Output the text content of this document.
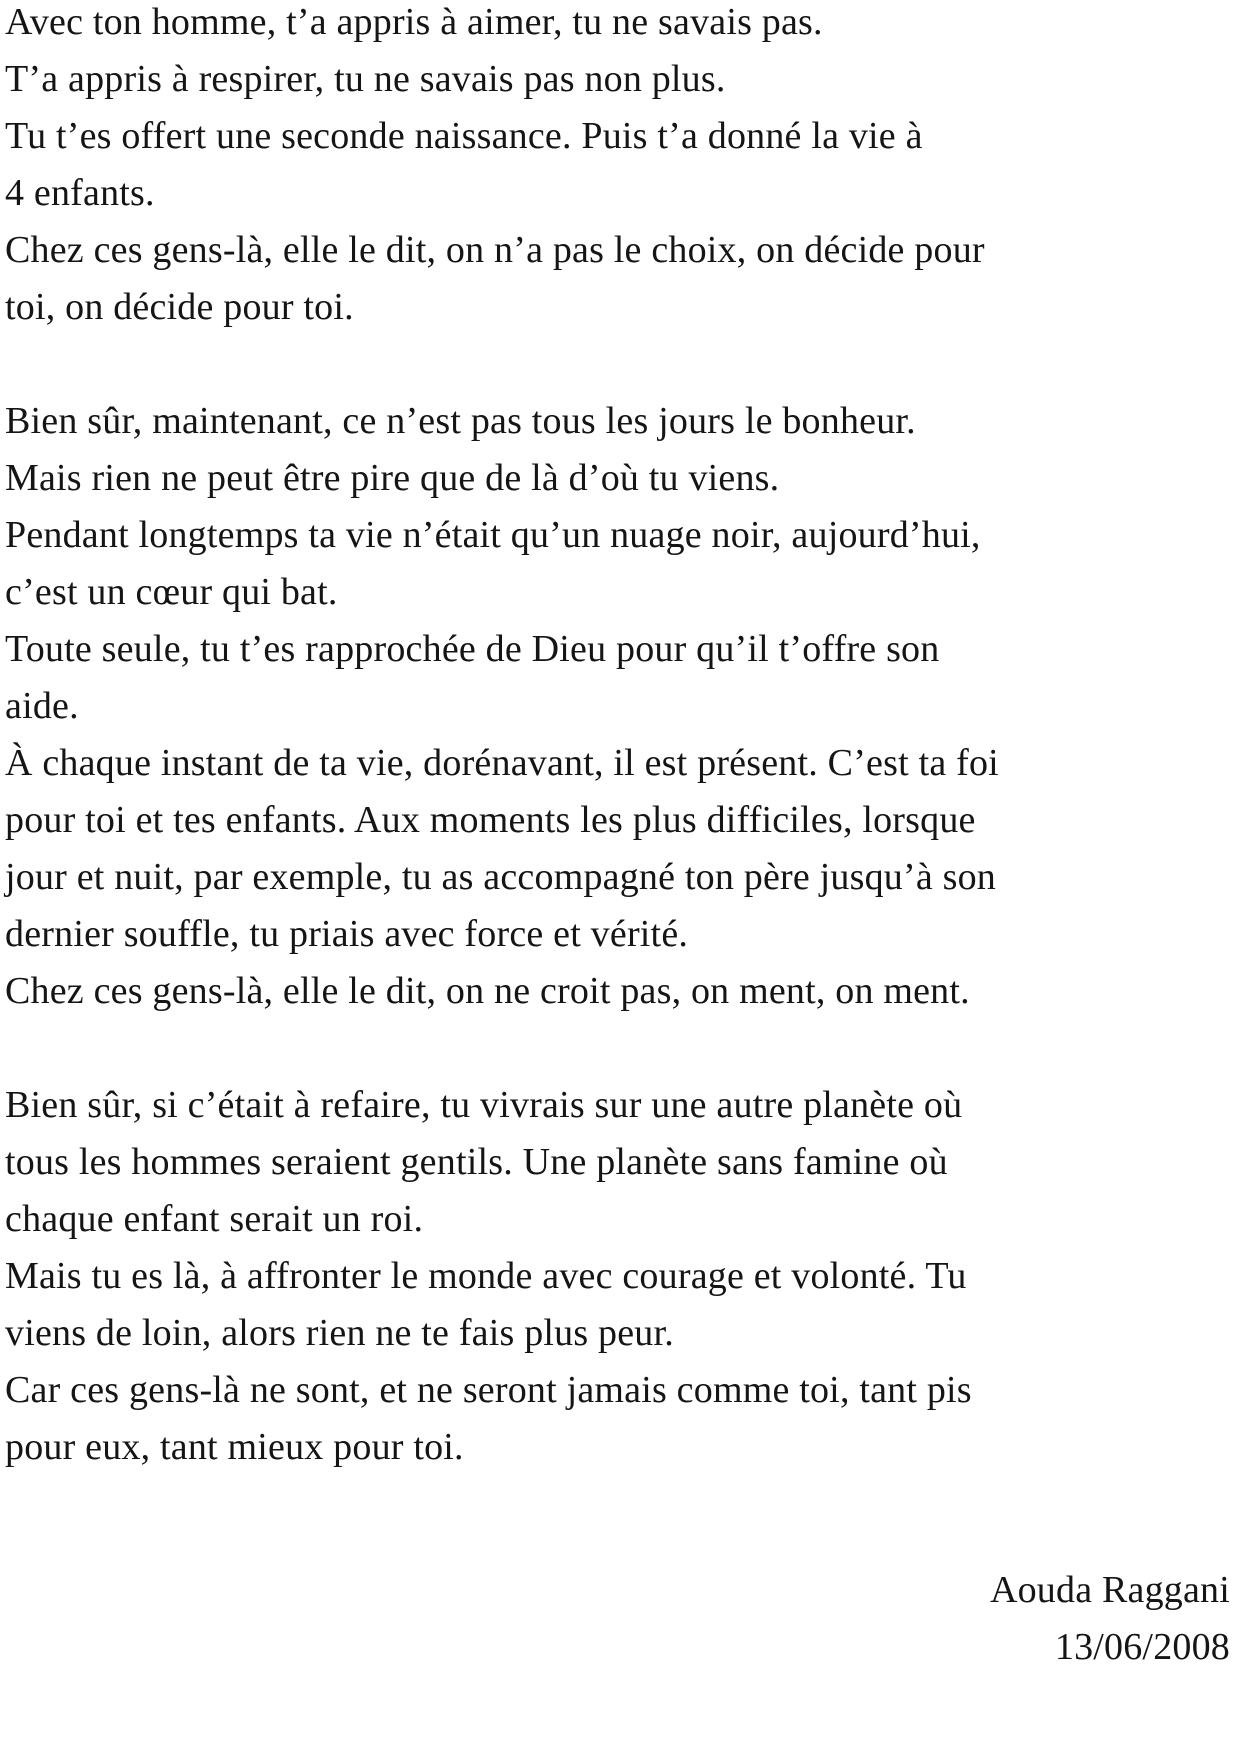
Avec ton homme, t’a appris à aimer, tu ne savais pas.
T’a appris à respirer, tu ne savais pas non plus.
Tu t’es offert une seconde naissance. Puis t’a donné la vie à
4 enfants.
Chez ces gens-là, elle le dit, on n’a pas le choix, on décide pour
toi, on décide pour toi.
Bien sûr, maintenant, ce n’est pas tous les jours le bonheur.
Mais rien ne peut être pire que de là d’où tu viens.
Pendant longtemps ta vie n’était qu’un nuage noir, aujourd’hui,
c’est un cœur qui bat.
Toute seule, tu t’es rapprochée de Dieu pour qu’il t’offre son
aide.
À chaque instant de ta vie, dorénavant, il est présent. C’est ta foi
pour toi et tes enfants. Aux moments les plus difficiles, lorsque
jour et nuit, par exemple, tu as accompagné ton père jusqu’à son
dernier souffle, tu priais avec force et vérité.
Chez ces gens-là, elle le dit, on ne croit pas, on ment, on ment.
Bien sûr, si c’était à refaire, tu vivrais sur une autre planète où
tous les hommes seraient gentils. Une planète sans famine où
chaque enfant serait un roi.
Mais tu es là, à affronter le monde avec courage et volonté. Tu
viens de loin, alors rien ne te fais plus peur.
Car ces gens-là ne sont, et ne seront jamais comme toi, tant pis
pour eux, tant mieux pour toi.
Aouda Raggani
13/06/2008
